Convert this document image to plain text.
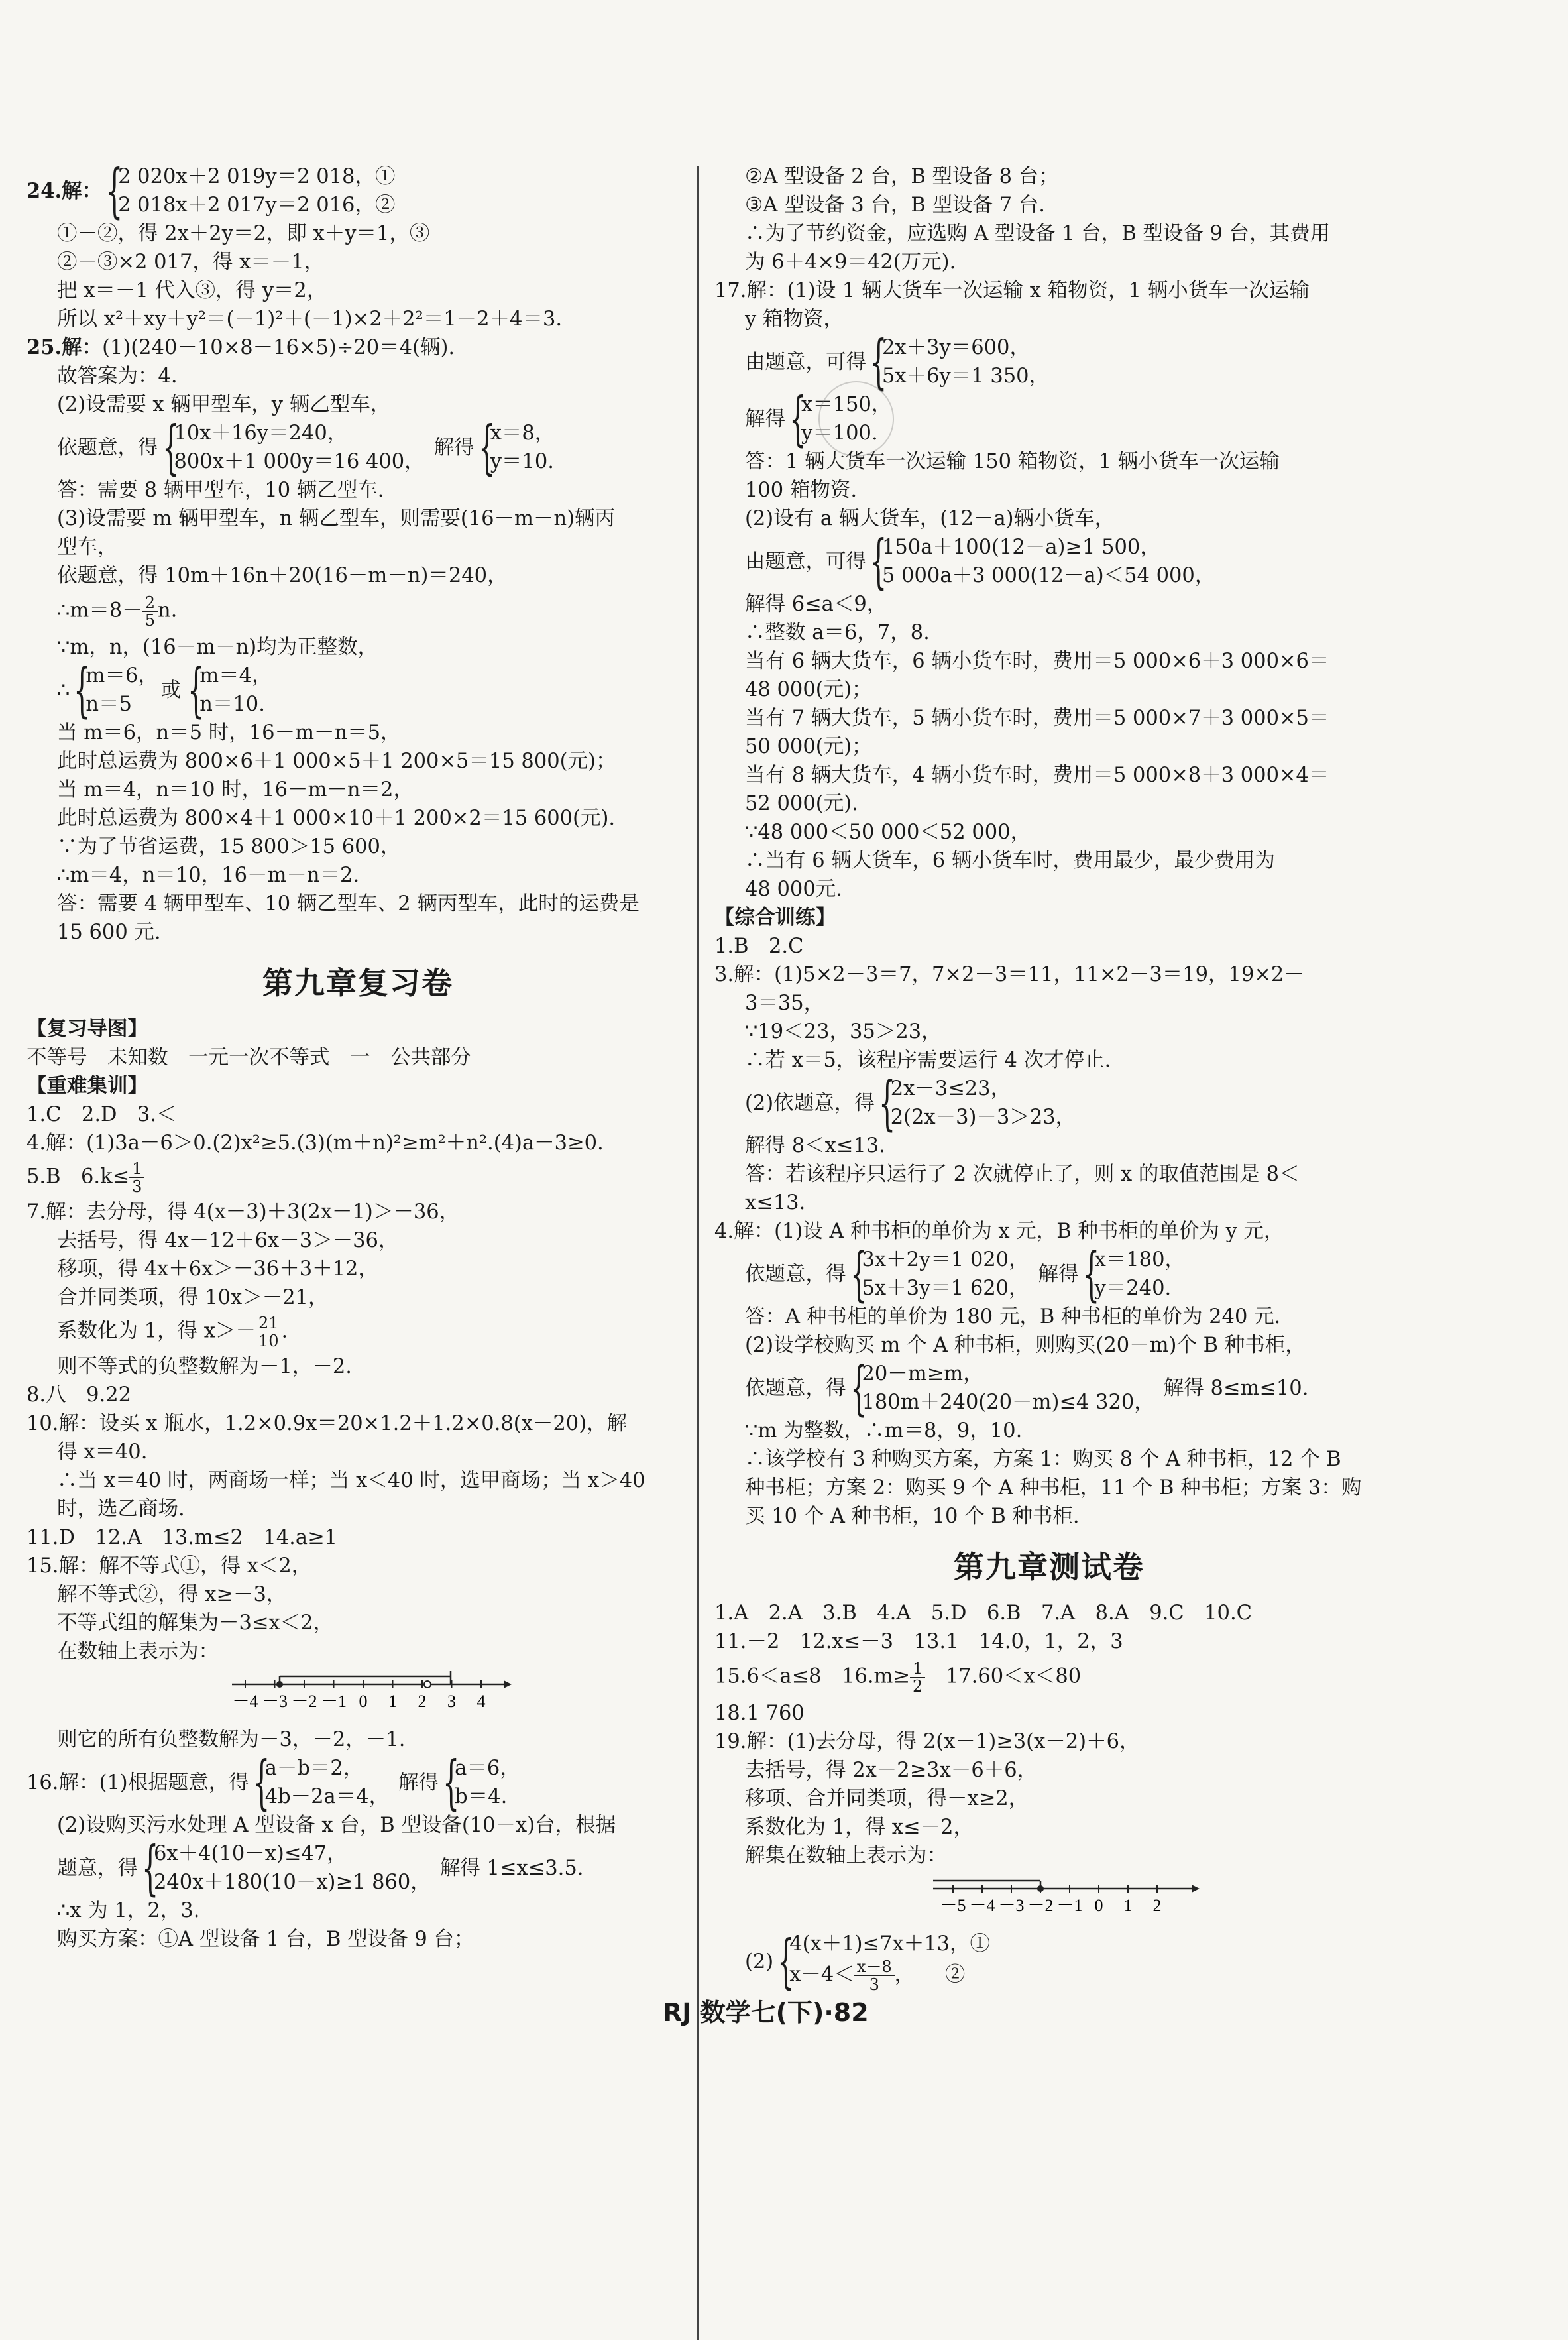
24.解： {
2 020x＋2 019y＝2 018，①
2 018x＋2 017y＝2 016，②
①－②，得 2x＋2y＝2，即 x＋y＝1，③
②－③×2 017，得 x＝－1，
把 x＝－1 代入③，得 y＝2，
所以 x²＋xy＋y²＝(－1)²＋(－1)×2＋2²＝1－2＋4＝3.
25.解：(1)(240－10×8－16×5)÷20＝4(辆).
故答案为：4.
(2)设需要 x 辆甲型车，y 辆乙型车，
依题意，得 {
10x＋16y＝240，
800x＋1 000y＝16 400，
解得 {
x＝8，
y＝10.
答：需要 8 辆甲型车，10 辆乙型车.
(3)设需要 m 辆甲型车，n 辆乙型车，则需要(16－m－n)辆丙
型车，
依题意，得 10m＋16n＋20(16－m－n)＝240，
∴m＝8－ $\frac{2}{5} n$.
∵m，n，(16－m－n)均为正整数，
∴ {
m＝6，
n＝5
或 {
m＝4，
n＝10.
当 m＝6，n＝5 时，16－m－n＝5，
此时总运费为 800×6＋1 000×5＋1 200×5＝15 800(元)；
当 m＝4，n＝10 时，16－m－n＝2，
此时总运费为 800×4＋1 000×10＋1 200×2＝15 600(元).
∵为了节省运费，15 800＞15 600，
∴m＝4，n＝10，16－m－n＝2.
答：需要 4 辆甲型车、10 辆乙型车、2 辆丙型车，此时的运费是
15 600 元.
第九章复习卷
【复习导图】
不等号　未知数　一元一次不等式　一　公共部分
【重难集训】
1.C　2.D　3.＜
4.解：(1)3a－6＞0.(2)x²≥5.(3)(m＋n)²≥m²＋n².(4)a－3≥0.
5.B　$6.k\le \frac{1}{3}$
7.解：去分母，得 4(x－3)＋3(2x－1)＞－36，
去括号，得 4x－12＋6x－3＞－36，
移项，得 4x＋6x＞－36＋3＋12，
合并同类项，得 10x＞－21，
系数化为 1，得 $x>- \frac{21}{10}$ .
则不等式的负整数解为－1，－2.
8.八　9.22
10.解：设买 x 瓶水，1.2×0.9x＝20×1.2＋1.2×0.8(x－20)，解
得 x＝40.
∴当 x＝40 时，两商场一样；当 x＜40 时，选甲商场；当 x＞40
时，选乙商场.
11.D　12.A　13.m≤2　14.a≥1
15.解：解不等式①，得 x＜2，
解不等式②，得 x≥－3，
不等式组的解集为－3≤x＜2，
在数轴上表示为：
－4 －3 －2 －1 0 1 2 3 4
则它的所有负整数解为－3，－2，－1.
16.解：(1)根据题意，得 {
a－b＝2，
4b－2a＝4，
解得 {
a＝6，
b＝4.
(2)设购买污水处理 A 型设备 x 台，B 型设备(10－x)台，根据
题意，得 {
6x＋4(10－x)≤47，
240x＋180(10－x)≥1 860，
解得 1≤x≤3.5.
∴x 为 1，2，3.
购买方案：①A 型设备 1 台，B 型设备 9 台；
②A 型设备 2 台，B 型设备 8 台；
③A 型设备 3 台，B 型设备 7 台.
∴为了节约资金，应选购 A 型设备 1 台，B 型设备 9 台，其费用
为 6＋4×9＝42(万元).
17.解：(1)设 1 辆大货车一次运输 x 箱物资，1 辆小货车一次运输
y 箱物资，
由题意，可得 {
2x＋3y＝600，
5x＋6y＝1 350，
解得 {
x＝150，
y＝100.
答：1 辆大货车一次运输 150 箱物资，1 辆小货车一次运输
100 箱物资.
(2)设有 a 辆大货车，(12－a)辆小货车，
由题意，可得 {
150a＋100(12－a)≥1 500，
5 000a＋3 000(12－a)＜54 000，
解得 6≤a＜9，
∴整数 a＝6，7，8.
当有 6 辆大货车，6 辆小货车时，费用＝5 000×6＋3 000×6＝
48 000(元)；
当有 7 辆大货车，5 辆小货车时，费用＝5 000×7＋3 000×5＝
50 000(元)；
当有 8 辆大货车，4 辆小货车时，费用＝5 000×8＋3 000×4＝
52 000(元).
∵48 000＜50 000＜52 000，
∴当有 6 辆大货车，6 辆小货车时，费用最少，最少费用为
48 000元.
【综合训练】
1.B　2.C
3.解：(1)5×2－3＝7，7×2－3＝11，11×2－3＝19，19×2－
3＝35，
∵19＜23，35＞23，
∴若 x＝5，该程序需要运行 4 次才停止.
(2)依题意，得 {
2x－3≤23，
2(2x－3)－3＞23，
解得 8＜x≤13.
答：若该程序只运行了 2 次就停止了，则 x 的取值范围是 8＜
x≤13.
4.解：(1)设 A 种书柜的单价为 x 元，B 种书柜的单价为 y 元，
依题意，得 {
3x＋2y＝1 020，
5x＋3y＝1 620，
解得 {
x＝180，
y＝240.
答：A 种书柜的单价为 180 元，B 种书柜的单价为 240 元.
(2)设学校购买 m 个 A 种书柜，则购买(20－m)个 B 种书柜，
依题意，得 {
20－m≥m，
180m＋240(20－m)≤4 320，
解得 8≤m≤10.
∵m 为整数，∴m＝8，9，10.
∴该学校有 3 种购买方案，方案 1：购买 8 个 A 种书柜，12 个 B
种书柜；方案 2：购买 9 个 A 种书柜，11 个 B 种书柜；方案 3：购
买 10 个 A 种书柜，10 个 B 种书柜.
第九章测试卷
1.A　2.A　3.B　4.A　5.D　6.B　7.A　8.A　9.C　10.C
11.－2　12.x≤－3　13.1　14.0，1，2，3
15.6＜a≤8　$16.m\ge \frac{1}{2}$ 　17.60＜x＜80
18.1 760
19.解：(1)去分母，得 2(x－1)≥3(x－2)＋6，
去括号，得 2x－2≥3x－6＋6，
移项、合并同类项，得－x≥2，
系数化为 1，得 x≤－2，
解集在数轴上表示为：
－5 －4 －3 －2 －1 0 1 2
(2) {
4(x＋1)≤7x＋13，①
$x-4< \frac{x-8}{3}$ ，　　②
RJ 数学七(下)·82
